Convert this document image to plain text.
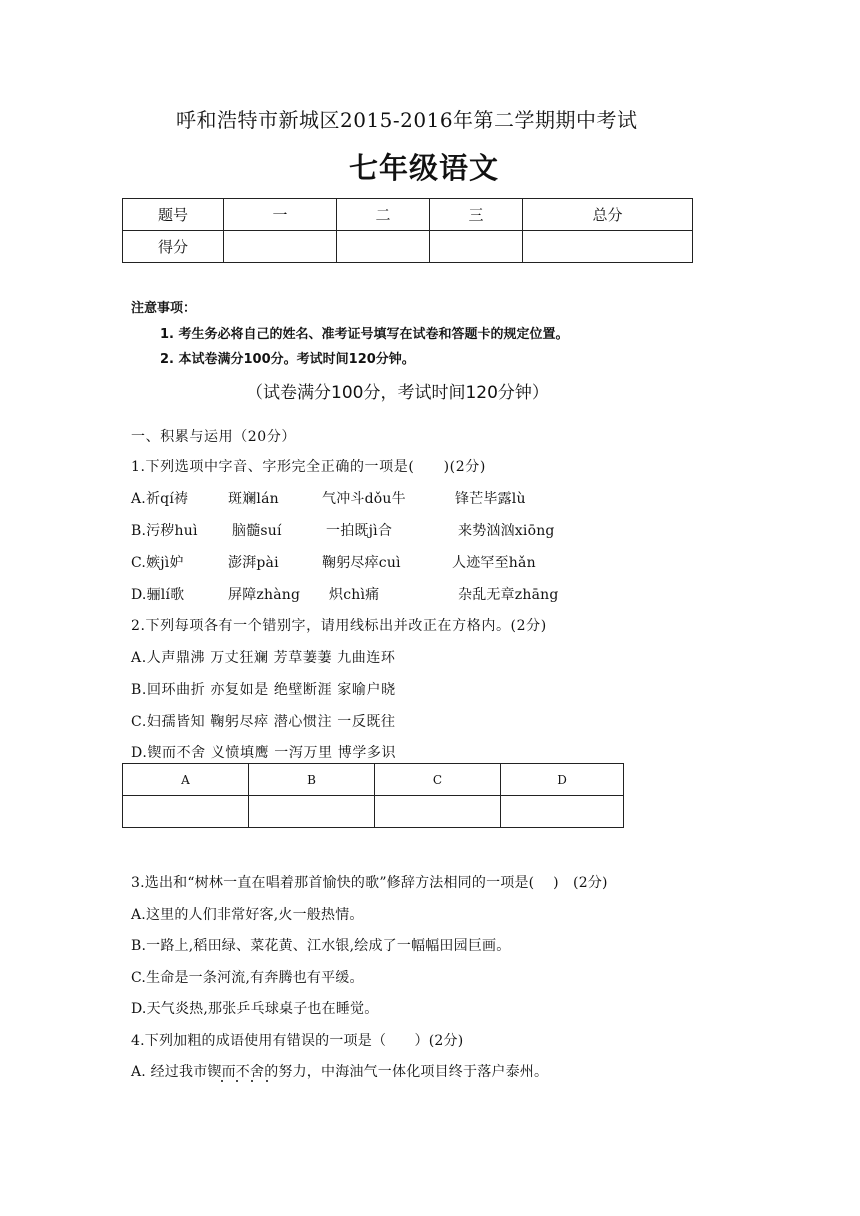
呼和浩特市新城区2015-2016年第二学期期中考试
七年级语文
题号	一	二	三	总分
得分				
注意事项：
1. 考生务必将自己的姓名、准考证号填写在试卷和答题卡的规定位置。
2. 本试卷满分100分。考试时间120分钟。
（试卷满分100分，考试时间120分钟）
一、积累与运用（20分）
1.下列选项中字音、字形完全正确的一项是(　　)(2分)
A.祈qí祷	斑斓lán	气冲斗dǒu牛	锋芒毕露lù
B.污秽huì 脑髓suí	一拍既jì合	来势汹汹xiōng
C.嫉jì妒	澎湃pài	鞠躬尽瘁cuì	人迹罕至hǎn
D.骊lí歌	屏障zhàng 炽chì痛	杂乱无章zhāng
2.下列每项各有一个错别字，请用线标出并改正在方格内。(2分)
A.人声鼎沸 万丈狂斓 芳草萋萋 九曲连环
B.回环曲折 亦复如是 绝壁断涯 家喻户晓
C.妇孺皆知 鞠躬尽瘁 潜心惯注 一反既往
D.锲而不舍 义愤填鹰 一泻万里 博学多识
A	B	C	D

3.选出和“树林一直在唱着那首愉快的歌”修辞方法相同的一项是(　 )　(2分)
A.这里的人们非常好客,火一般热情。
B.一路上,稻田绿、菜花黄、江水银,绘成了一幅幅田园巨画。
C.生命是一条河流,有奔腾也有平缓。
D.天气炎热,那张乒乓球桌子也在睡觉。
4.下列加粗的成语使用有错误的一项是（　　）(2分)
A. 经过我市锲而不舍的努力，中海油气一体化项目终于落户泰州。
